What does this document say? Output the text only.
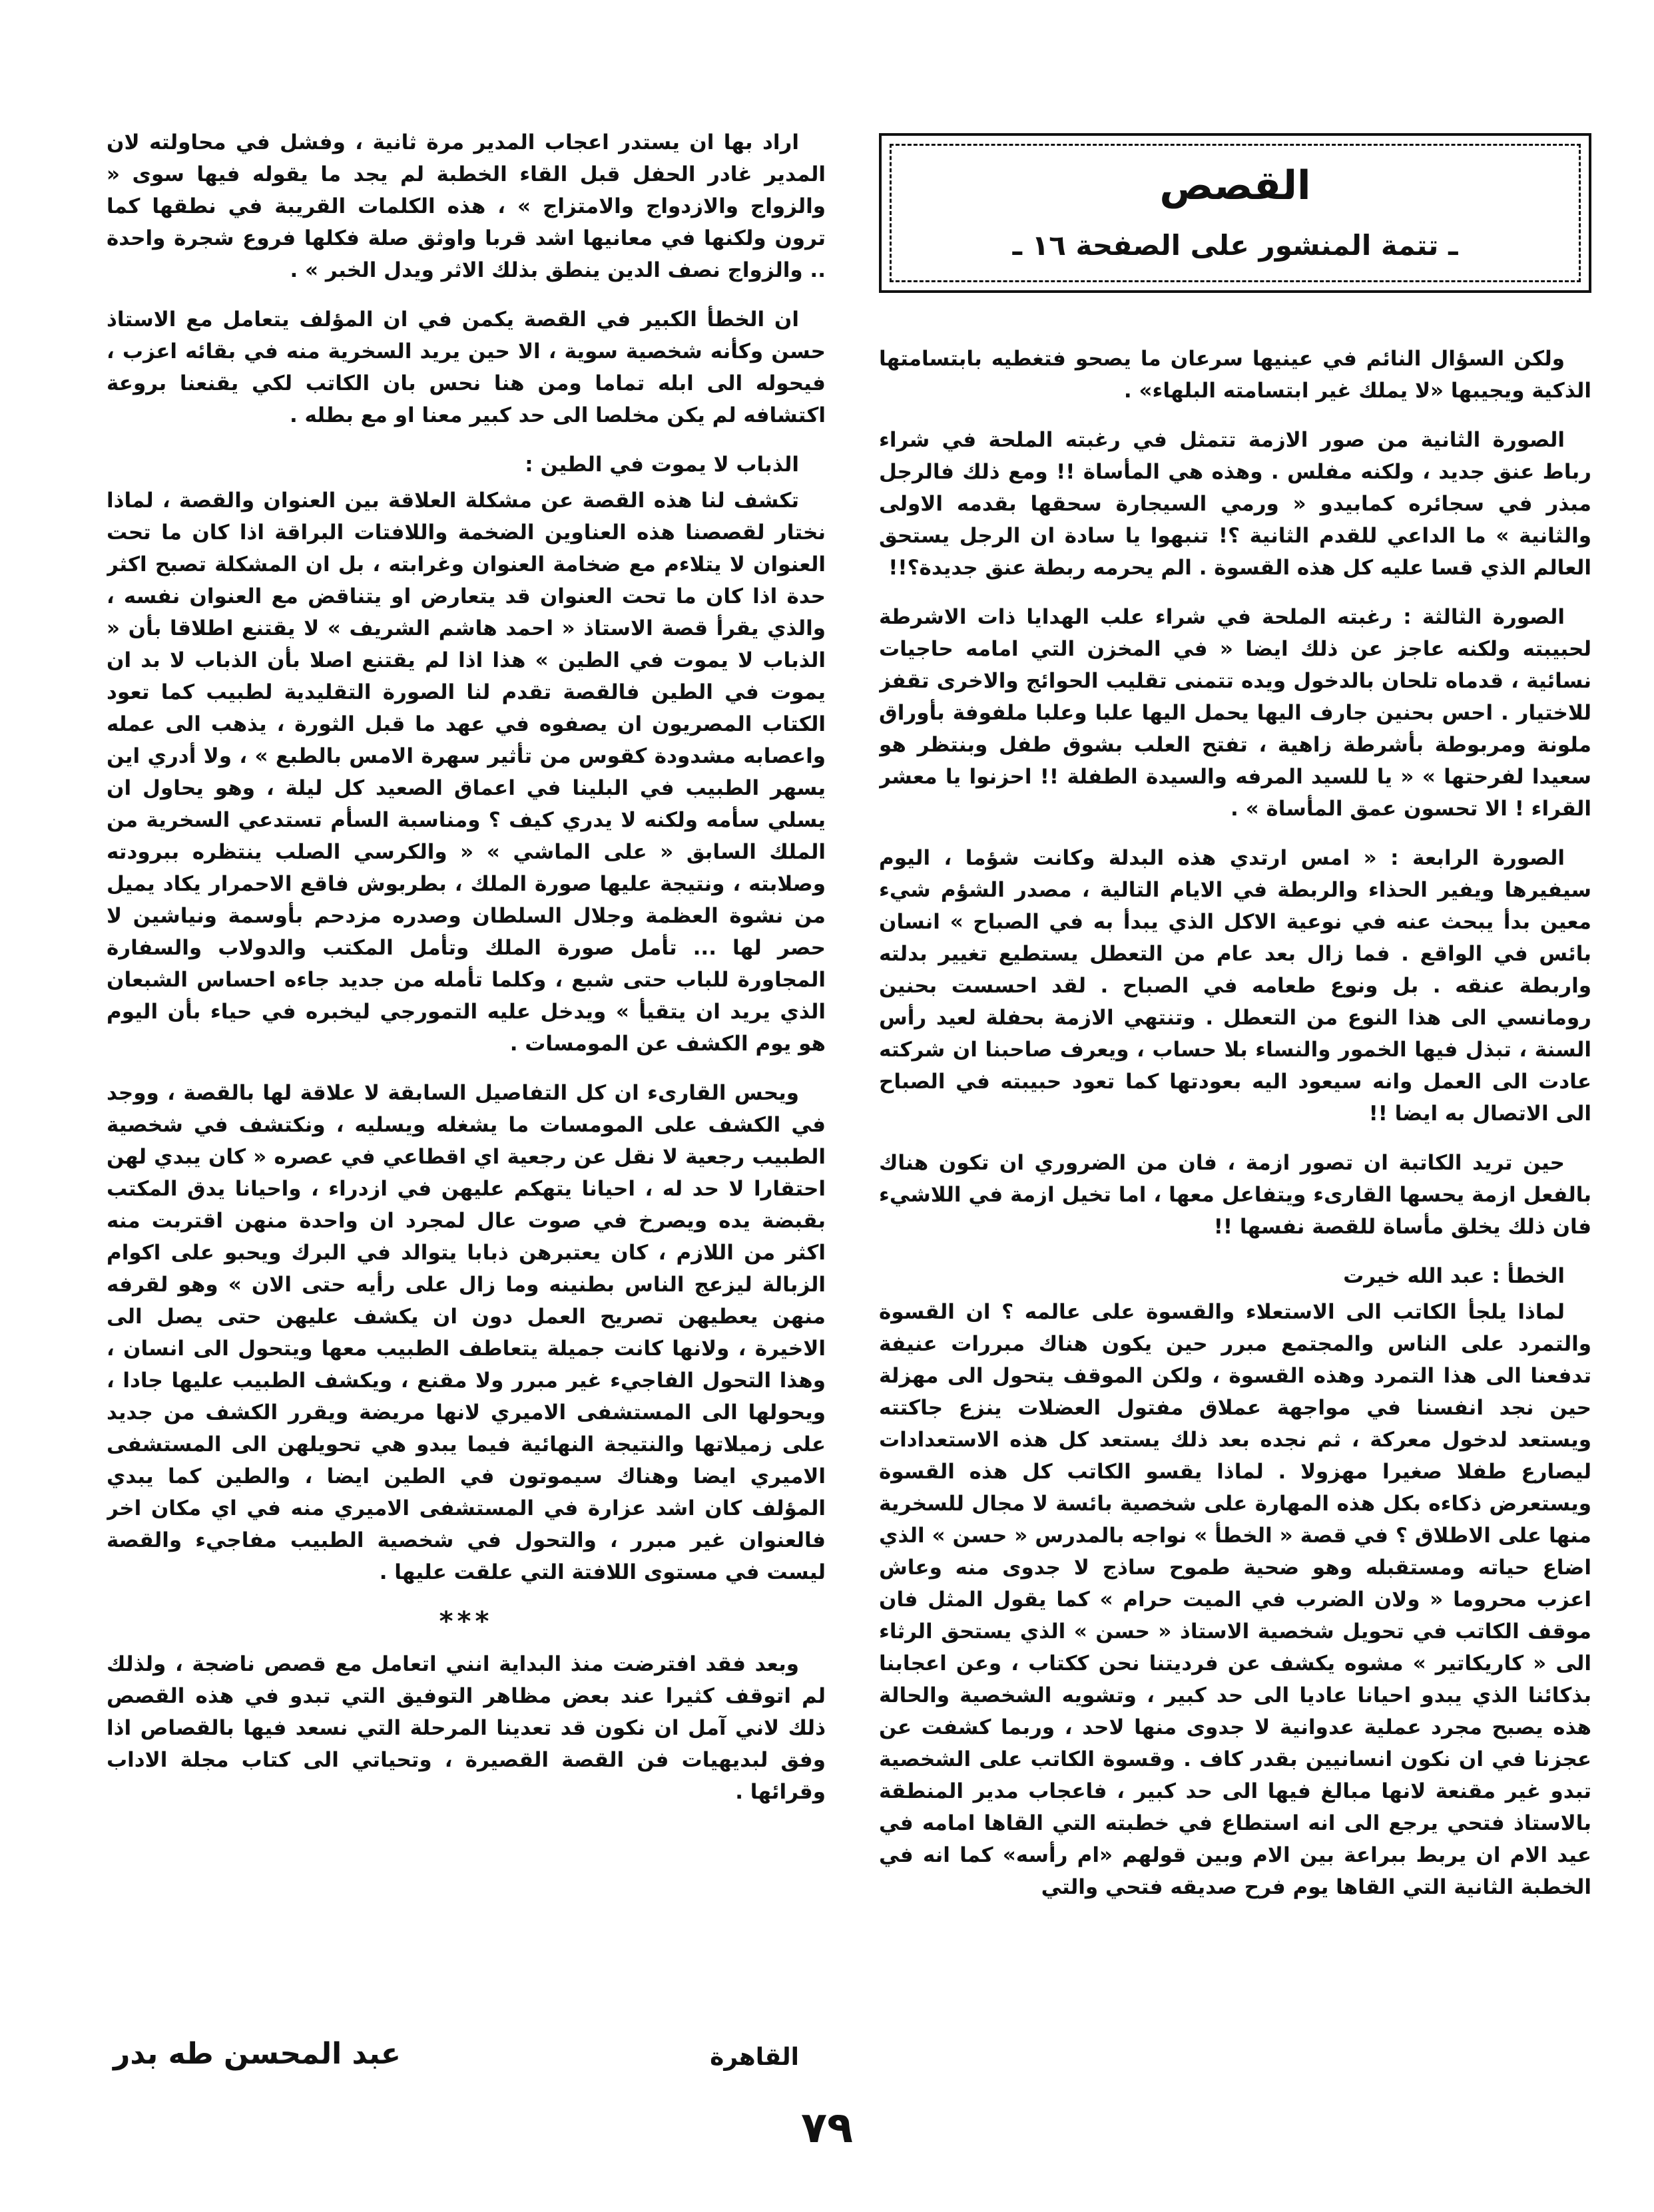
القصص
ـ تتمة المنشور على الصفحة ١٦ ـ

ولكن السؤال النائم في عينيها سرعان ما يصحو فتغطيه بابتسامتها الذكية ويجيبها «لا يملك غير ابتسامته البلهاء» .

الصورة الثانية من صور الازمة تتمثل في رغبته الملحة في شراء رباط عنق جديد ، ولكنه مفلس . وهذه هي المأساة !! ومع ذلك فالرجل مبذر في سجائره كمابيدو « ورمي السيجارة سحقها بقدمه الاولى والثانية » ما الداعي للقدم الثانية ؟! تنبهوا يا سادة ان الرجل يستحق العالم الذي قسا عليه كل هذه القسوة . الم يحرمه ربطة عنق جديدة؟!!

الصورة الثالثة : رغبته الملحة في شراء علب الهدايا ذات الاشرطة لحبيبته ولكنه عاجز عن ذلك ايضا « في المخزن التي امامه حاجيات نسائية ، قدماه تلحان بالدخول ويده تتمنى تقليب الحوائج والاخرى تقفز للاختيار . احس بحنين جارف اليها يحمل اليها علبا وعلبا ملفوفة بأوراق ملونة ومربوطة بأشرطة زاهية ، تفتح العلب بشوق طفل وبنتظر هو سعيدا لفرحتها » « يا للسيد المرفه والسيدة الطفلة !! احزنوا يا معشر القراء ! الا تحسون عمق المأساة » .

الصورة الرابعة : « امس ارتدي هذه البدلة وكانت شؤما ، اليوم سيفيرها ويفير الحذاء والربطة في الايام التالية ، مصدر الشؤم شيء معين بدأ يبحث عنه في نوعية الاكل الذي يبدأ به في الصباح » انسان بائس في الواقع . فما زال بعد عام من التعطل يستطيع تغيير بدلته واربطة عنقه . بل ونوع طعامه في الصباح . لقد احسست بحنين رومانسي الى هذا النوع من التعطل . وتنتهي الازمة بحفلة لعيد رأس السنة ، تبذل فيها الخمور والنساء بلا حساب ، ويعرف صاحبنا ان شركته عادت الى العمل وانه سيعود اليه بعودتها كما تعود حبيبته في الصباح الى الاتصال به ايضا !!

حين تريد الكاتبة ان تصور ازمة ، فان من الضروري ان تكون هناك بالفعل ازمة يحسها القارىء ويتفاعل معها ، اما تخيل ازمة في اللاشيء فان ذلك يخلق مأساة للقصة نفسها !!

الخطأ : عبد الله خيرت

لماذا يلجأ الكاتب الى الاستعلاء والقسوة على عالمه ؟ ان القسوة والتمرد على الناس والمجتمع مبرر حين يكون هناك مبررات عنيفة تدفعنا الى هذا التمرد وهذه القسوة ، ولكن الموقف يتحول الى مهزلة حين نجد انفسنا في مواجهة عملاق مفتول العضلات ينزع جاكتته ويستعد لدخول معركة ، ثم نجده بعد ذلك يستعد كل هذه الاستعدادات ليصارع طفلا صغيرا مهزولا . لماذا يقسو الكاتب كل هذه القسوة ويستعرض ذكاءه بكل هذه المهارة على شخصية بائسة لا مجال للسخرية منها على الاطلاق ؟ في قصة « الخطأ » نواجه بالمدرس « حسن » الذي اضاع حياته ومستقبله وهو ضحية طموح ساذج لا جدوى منه وعاش اعزب محروما « ولان الضرب في الميت حرام » كما يقول المثل فان موقف الكاتب في تحويل شخصية الاستاذ « حسن » الذي يستحق الرثاء الى « كاريكاتير » مشوه يكشف عن فرديتنا نحن ككتاب ، وعن اعجابنا بذكائنا الذي يبدو احيانا عاديا الى حد كبير ، وتشويه الشخصية والحالة هذه يصبح مجرد عملية عدوانية لا جدوى منها لاحد ، وربما كشفت عن عجزنا في ان نكون انسانيين بقدر كاف . وقسوة الكاتب على الشخصية تبدو غير مقنعة لانها مبالغ فيها الى حد كبير ، فاعجاب مدير المنطقة بالاستاذ فتحي يرجع الى انه استطاع في خطبته التي القاها امامه في عيد الام ان يربط ببراعة بين الام وبين قولهم «ام رأسه» كما انه في الخطبة الثانية التي القاها يوم فرح صديقه فتحي والتي

اراد بها ان يستدر اعجاب المدير مرة ثانية ، وفشل في محاولته لان المدير غادر الحفل قبل القاء الخطبة لم يجد ما يقوله فيها سوى « والزواج والازدواج والامتزاج » ، هذه الكلمات القريبة في نطقها كما ترون ولكنها في معانيها اشد قربا واوثق صلة فكلها فروع شجرة واحدة .. والزواج نصف الدين ينطق بذلك الاثر ويدل الخبر » .

ان الخطأ الكبير في القصة يكمن في ان المؤلف يتعامل مع الاستاذ حسن وكأنه شخصية سوية ، الا حين يريد السخرية منه في بقائه اعزب ، فيحوله الى ابله تماما ومن هنا نحس بان الكاتب لكي يقنعنا بروعة اكتشافه لم يكن مخلصا الى حد كبير معنا او مع بطله .

الذباب لا يموت في الطين :

تكشف لنا هذه القصة عن مشكلة العلاقة بين العنوان والقصة ، لماذا نختار لقصصنا هذه العناوين الضخمة واللافتات البراقة اذا كان ما تحت العنوان لا يتلاءم مع ضخامة العنوان وغرابته ، بل ان المشكلة تصبح اكثر حدة اذا كان ما تحت العنوان قد يتعارض او يتناقض مع العنوان نفسه ، والذي يقرأ قصة الاستاذ « احمد هاشم الشريف » لا يقتنع اطلاقا بأن « الذباب لا يموت في الطين » هذا اذا لم يقتنع اصلا بأن الذباب لا بد ان يموت في الطين فالقصة تقدم لنا الصورة التقليدية لطبيب كما تعود الكتاب المصريون ان يصفوه في عهد ما قبل الثورة ، يذهب الى عمله واعصابه مشدودة كقوس من تأثير سهرة الامس بالطبع » ، ولا أدري اين يسهر الطبيب في البلينا في اعماق الصعيد كل ليلة ، وهو يحاول ان يسلي سأمه ولكنه لا يدري كيف ؟ ومناسبة السأم تستدعي السخرية من الملك السابق « على الماشي » « والكرسي الصلب ينتظره ببرودته وصلابته ، ونتيجة عليها صورة الملك ، بطربوش فاقع الاحمرار يكاد يميل من نشوة العظمة وجلال السلطان وصدره مزدحم بأوسمة ونياشين لا حصر لها ... تأمل صورة الملك وتأمل المكتب والدولاب والسفارة المجاورة للباب حتى شبع ، وكلما تأمله من جديد جاءه احساس الشبعان الذي يريد ان يتقيأ » ويدخل عليه التمورجي ليخبره في حياء بأن اليوم هو يوم الكشف عن المومسات .

ويحس القارىء ان كل التفاصيل السابقة لا علاقة لها بالقصة ، ووجد في الكشف على المومسات ما يشغله ويسليه ، ونكتشف في شخصية الطبيب رجعية لا نقل عن رجعية اي اقطاعي في عصره « كان يبدي لهن احتقارا لا حد له ، احيانا يتهكم عليهن في ازدراء ، واحيانا يدق المكتب بقبضة يده ويصرخ في صوت عال لمجرد ان واحدة منهن اقتربت منه اكثر من اللازم ، كان يعتبرهن ذبابا يتوالد في البرك ويحبو على اكوام الزبالة ليزعج الناس بطنينه وما زال على رأيه حتى الان » وهو لقرفه منهن يعطيهن تصريح العمل دون ان يكشف عليهن حتى يصل الى الاخيرة ، ولانها كانت جميلة يتعاطف الطبيب معها ويتحول الى انسان ، وهذا التحول الفاجيء غير مبرر ولا مقنع ، ويكشف الطبيب عليها جادا ، ويحولها الى المستشفى الاميري لانها مريضة ويقرر الكشف من جديد على زميلاتها والنتيجة النهائية فيما يبدو هي تحويلهن الى المستشفى الاميري ايضا وهناك سيموتون في الطين ايضا ، والطين كما يبدي المؤلف كان اشد عزارة في المستشفى الاميري منه في اي مكان اخر فالعنوان غير مبرر ، والتحول في شخصية الطبيب مفاجيء والقصة ليست في مستوى اللافتة التي علقت عليها .

***

وبعد فقد افترضت منذ البداية انني اتعامل مع قصص ناضجة ، ولذلك لم اتوقف كثيرا عند بعض مظاهر التوفيق التي تبدو في هذه القصص ذلك لاني آمل ان نكون قد تعدينا المرحلة التي نسعد فيها بالقصاص اذا وفق لبديهيات فن القصة القصيرة ، وتحياتي الى كتاب مجلة الاداب وقرائها .

القاهرة
عبد المحسن طه بدر
٧٩
